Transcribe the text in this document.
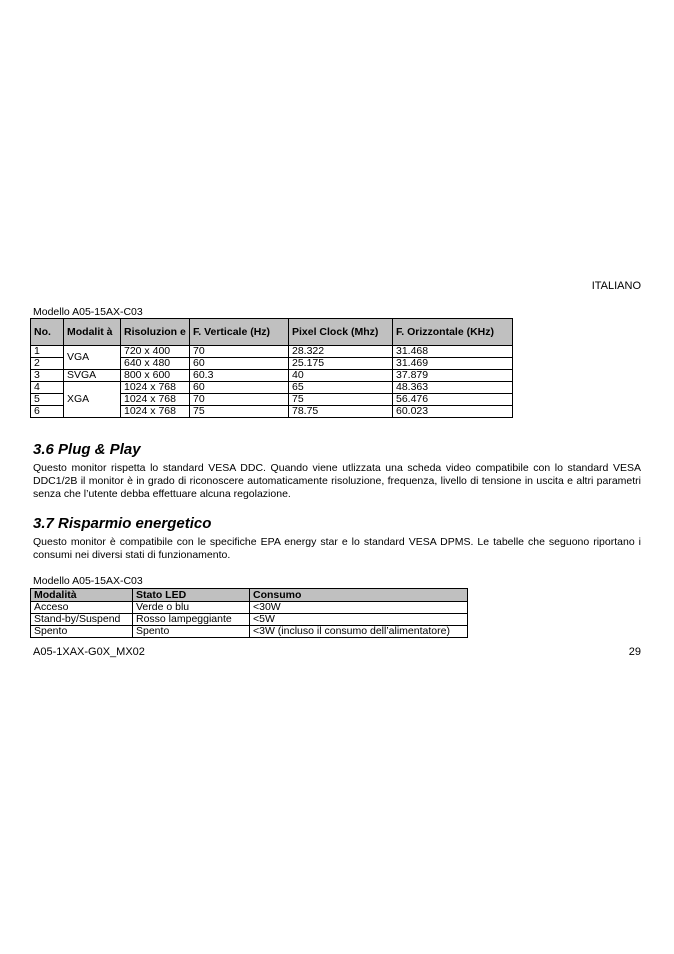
ITALIANO
Modello A05-15AX-C03
No.	Modalit à	Risoluzion e	F. Verticale (Hz)	Pixel Clock (Mhz)	F. Orizzontale (KHz)
1	VGA	720 x 400	70	28.322	31.468
2		640 x 480	60	25.175	31.469
3	SVGA	800 x 600	60.3	40	37.879
4	XGA	1024 x 768	60	65	48.363
5		1024 x 768	70	75	56.476
6		1024 x 768	75	78.75	60.023
3.6 Plug & Play

Questo monitor rispetta lo standard VESA DDC. Quando viene utlizzata una scheda video compatibile con lo standard VESA DDC1/2B il monitor è in grado di riconoscere automaticamente risoluzione, frequenza, livello di tensione in uscita e altri parametri senza che l’utente debba effettuare alcuna regolazione.

3.7 Risparmio energetico

Questo monitor è compatibile con le specifiche EPA energy star e lo standard VESA DPMS. Le tabelle che seguono riportano i consumi nei diversi stati di funzionamento.

Modello A05-15AX-C03
Modalità	Stato LED	Consumo
Acceso	Verde o blu	<30W
Stand-by/Suspend	Rosso lampeggiante	<5W
Spento	Spento	<3W (incluso il consumo dell’alimentatore)
A05-1XAX-G0X_MX02	29
